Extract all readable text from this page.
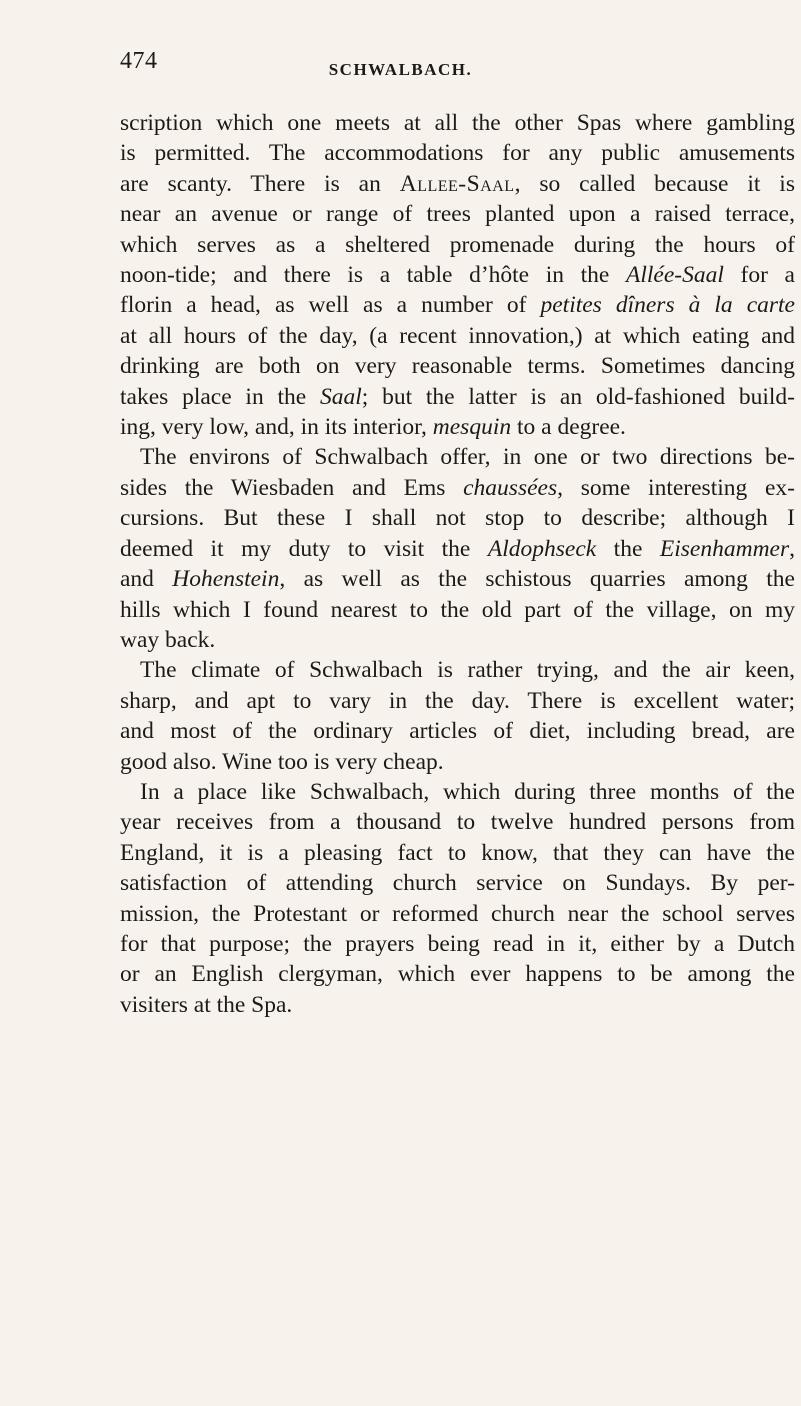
474	SCHWALBACH.
scription which one meets at all the other Spas where gambling
is permitted. The accommodations for any public amusements
are scanty. There is an Allee-Saal, so called because it is
near an avenue or range of trees planted upon a raised terrace,
which serves as a sheltered promenade during the hours of
noon-tide; and there is a table d’hôte in the Allée-Saal for a
florin a head, as well as a number of petites dîners à la carte
at all hours of the day, (a recent innovation,) at which eating and
drinking are both on very reasonable terms. Sometimes dancing
takes place in the Saal; but the latter is an old-fashioned build-
ing, very low, and, in its interior, mesquin to a degree.
The environs of Schwalbach offer, in one or two directions be-
sides the Wiesbaden and Ems chaussées, some interesting ex-
cursions. But these I shall not stop to describe; although I
deemed it my duty to visit the Aldophseck the Eisenhammer,
and Hohenstein, as well as the schistous quarries among the
hills which I found nearest to the old part of the village, on my
way back.
The climate of Schwalbach is rather trying, and the air keen,
sharp, and apt to vary in the day. There is excellent water;
and most of the ordinary articles of diet, including bread, are
good also. Wine too is very cheap.
In a place like Schwalbach, which during three months of the
year receives from a thousand to twelve hundred persons from
England, it is a pleasing fact to know, that they can have the
satisfaction of attending church service on Sundays. By per-
mission, the Protestant or reformed church near the school serves
for that purpose; the prayers being read in it, either by a Dutch
or an English clergyman, which ever happens to be among the
visiters at the Spa.
